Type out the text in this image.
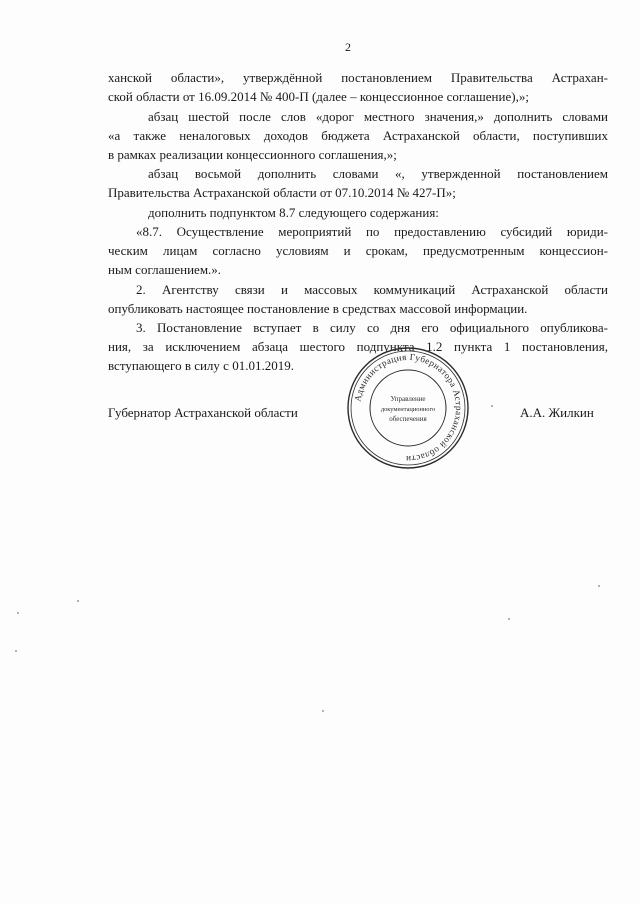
2
ханской области», утверждённой постановлением Правительства Астрахан-
ской области от 16.09.2014 № 400-П (далее – концессионное соглашение),»;
абзац шестой после слов «дорог местного значения,» дополнить словами
«а также неналоговых доходов бюджета Астраханской области, поступивших
в рамках реализации концессионного соглашения,»;
абзац восьмой дополнить словами «, утвержденной постановлением
Правительства Астраханской области от 07.10.2014 № 427-П»;
дополнить подпунктом 8.7 следующего содержания:
«8.7. Осуществление мероприятий по предоставлению субсидий юриди-
ческим лицам согласно условиям и срокам, предусмотренным концессион-
ным соглашением.».
2. Агентству связи и массовых коммуникаций Астраханской области
опубликовать настоящее постановление в средствах массовой информации.
3. Постановление вступает в силу со дня его официального опубликова-
ния, за исключением абзаца шестого подпункта 1.2 пункта 1 постановления,
вступающего в силу с 01.01.2019.
Губернатор Астраханской области	А.А. Жилкин
Администрация Губернатора Астраханской области
Управление
документационного
обеспечения
